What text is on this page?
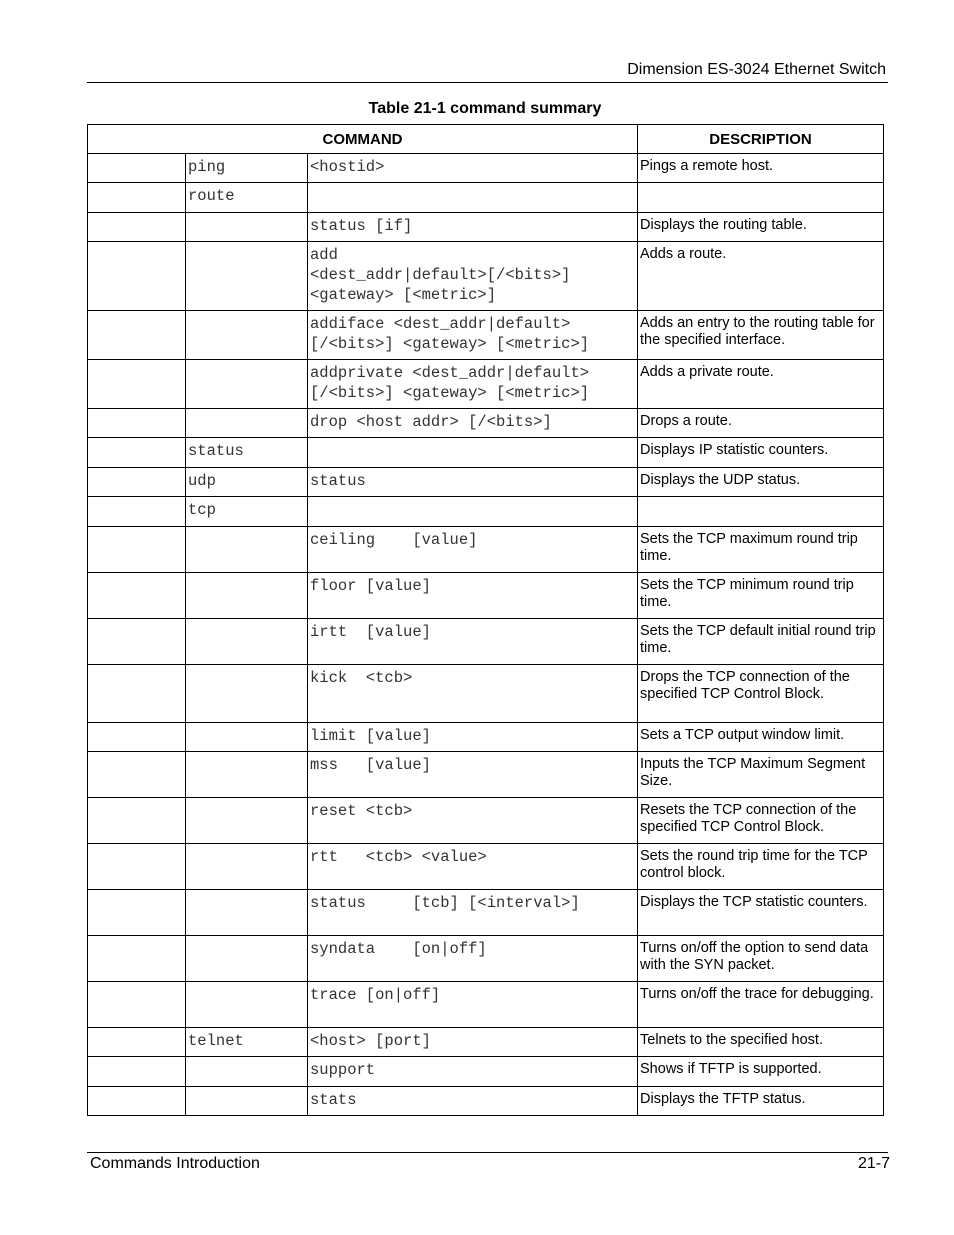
Dimension ES-3024 Ethernet Switch
Table 21-1 command summary
COMMAND			DESCRIPTION
	ping	<hostid>	Pings a remote host.
	route		
		status [if]	Displays the routing table.
		add
<dest_addr|default>[/<bits>]
<gateway> [<metric>]	Adds a route.
		addiface <dest_addr|default>
[/<bits>] <gateway> [<metric>]	Adds an entry to the routing table for the specified interface.
		addprivate <dest_addr|default>
[/<bits>] <gateway> [<metric>]	Adds a private route.
		drop <host addr> [/<bits>]	Drops a route.
	status		Displays IP statistic counters.
	udp	status	Displays the UDP status.
	tcp		
		ceiling    [value]	Sets the TCP maximum round trip time.
		floor [value]	Sets the TCP minimum round trip time.
		irtt  [value]	Sets the TCP default initial round trip time.
		kick  <tcb>	Drops the TCP connection of the specified TCP Control Block.
		limit [value]	Sets a TCP output window limit.
		mss   [value]	Inputs the TCP Maximum Segment Size.
		reset <tcb>	Resets the TCP connection of the specified TCP Control Block.
		rtt   <tcb> <value>	Sets the round trip time for the TCP control block.
		status     [tcb] [<interval>]	Displays the TCP statistic counters.
		syndata    [on|off]	Turns on/off the option to send data with the SYN packet.
		trace [on|off]	Turns on/off the trace for debugging.
	telnet	<host> [port]	Telnets to the specified host.
		support	Shows if TFTP is supported.
		stats	Displays the TFTP status.
Commands Introduction	21-7
